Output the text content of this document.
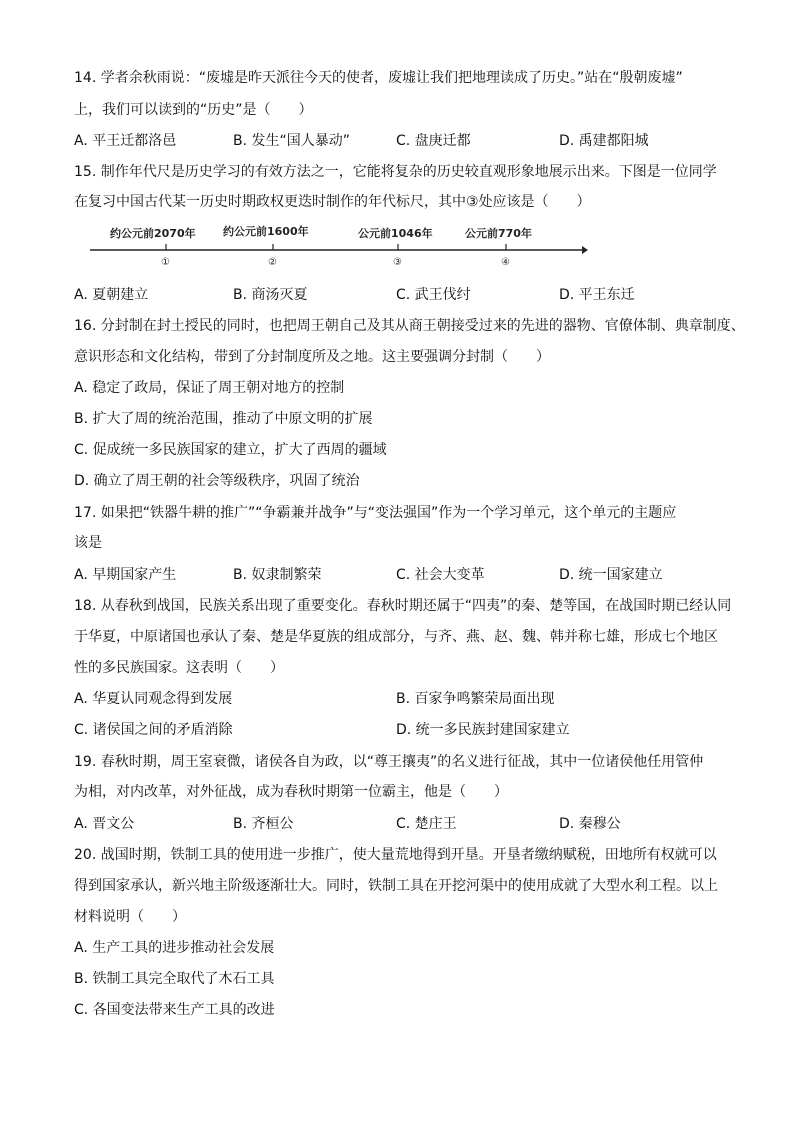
14. 学者余秋雨说：“废墟是昨天派往今天的使者，废墟让我们把地理读成了历史。”站在“殷朝废墟”
上，我们可以读到的“历史”是（　　）
A. 平王迁都洛邑	B. 发生“国人暴动”	C. 盘庚迁都	D. 禹建都阳城
15. 制作年代尺是历史学习的有效方法之一，它能将复杂的历史较直观形象地展示出来。下图是一位同学
在复习中国古代某一历史时期政权更迭时制作的年代标尺，其中③处应该是（　　）
约公元前2070年 约公元前1600年	公元前1046年	公元前770年
①	②	③	④
A. 夏朝建立	B. 商汤灭夏	C. 武王伐纣	D. 平王东迁
16. 分封制在封土授民的同时，也把周王朝自己及其从商王朝接受过来的先进的器物、官僚体制、典章制度、
意识形态和文化结构，带到了分封制度所及之地。这主要强调分封制（　　）
A. 稳定了政局，保证了周王朝对地方的控制
B. 扩大了周的统治范围，推动了中原文明的扩展
C. 促成统一多民族国家的建立，扩大了西周的疆域
D. 确立了周王朝的社会等级秩序，巩固了统治
17. 如果把“铁器牛耕的推广”“争霸兼并战争”与“变法强国”作为一个学习单元，这个单元的主题应
该是
A. 早期国家产生	B. 奴隶制繁荣	C. 社会大变革	D. 统一国家建立
18. 从春秋到战国，民族关系出现了重要变化。春秋时期还属于“四夷”的秦、楚等国，在战国时期已经认同
于华夏，中原诸国也承认了秦、楚是华夏族的组成部分，与齐、燕、赵、魏、韩并称七雄，形成七个地区
性的多民族国家。这表明（　　）
A. 华夏认同观念得到发展	B. 百家争鸣繁荣局面出现
C. 诸侯国之间的矛盾消除	D. 统一多民族封建国家建立
19. 春秋时期，周王室衰微，诸侯各自为政，以“尊王攘夷”的名义进行征战，其中一位诸侯他任用管仲
为相，对内改革，对外征战，成为春秋时期第一位霸主，他是（　　）
A. 晋文公	B. 齐桓公	C. 楚庄王	D. 秦穆公
20. 战国时期，铁制工具的使用进一步推广，使大量荒地得到开垦。开垦者缴纳赋税，田地所有权就可以
得到国家承认，新兴地主阶级逐渐壮大。同时，铁制工具在开挖河渠中的使用成就了大型水利工程。以上
材料说明（　　）
A. 生产工具的进步推动社会发展
B. 铁制工具完全取代了木石工具
C. 各国变法带来生产工具的改进
